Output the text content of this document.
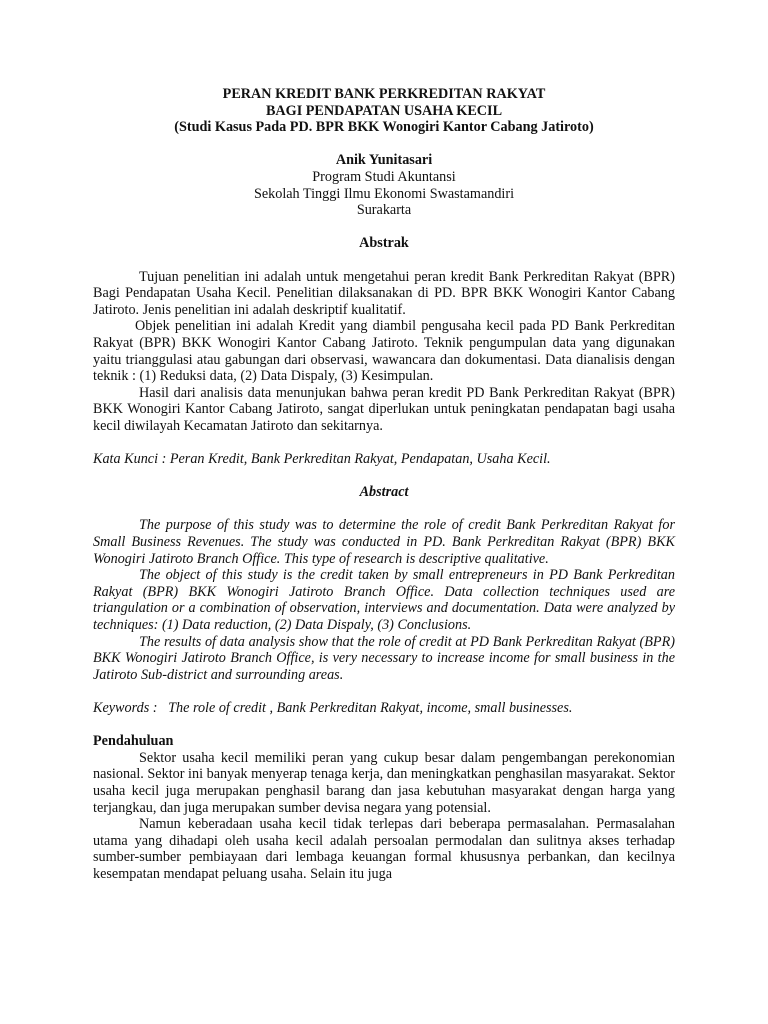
PERAN KREDIT BANK PERKREDITAN RAKYAT
BAGI PENDAPATAN USAHA KECIL
(Studi Kasus Pada PD. BPR BKK Wonogiri Kantor Cabang Jatiroto)
Anik Yunitasari
Program Studi Akuntansi
Sekolah Tinggi Ilmu Ekonomi Swastamandiri
Surakarta
Abstrak

Tujuan penelitian ini adalah untuk mengetahui peran kredit Bank Perkreditan Rakyat (BPR) Bagi Pendapatan Usaha Kecil. Penelitian dilaksanakan di PD. BPR BKK Wonogiri Kantor Cabang Jatiroto. Jenis penelitian ini adalah deskriptif kualitatif.

Objek penelitian ini adalah Kredit yang diambil pengusaha kecil pada PD Bank Perkreditan Rakyat (BPR) BKK Wonogiri Kantor Cabang Jatiroto. Teknik pengumpulan data yang digunakan yaitu trianggulasi atau gabungan dari observasi, wawancara dan dokumentasi. Data dianalisis dengan teknik : (1) Reduksi data, (2) Data Dispaly, (3) Kesimpulan.

Hasil dari analisis data menunjukan bahwa peran kredit PD Bank Perkreditan Rakyat (BPR) BKK Wonogiri Kantor Cabang Jatiroto, sangat diperlukan untuk peningkatan pendapatan bagi usaha kecil diwilayah Kecamatan Jatiroto dan sekitarnya.

Kata Kunci : Peran Kredit, Bank Perkreditan Rakyat, Pendapatan, Usaha Kecil.

Abstract

The purpose of this study was to determine the role of credit Bank Perkreditan Rakyat for Small Business Revenues. The study was conducted in PD. Bank Perkreditan Rakyat (BPR) BKK Wonogiri Jatiroto Branch Office. This type of research is descriptive qualitative.

The object of this study is the credit taken by small entrepreneurs in PD Bank Perkreditan Rakyat (BPR) BKK Wonogiri Jatiroto Branch Office. Data collection techniques used are triangulation or a combination of observation, interviews and documentation. Data were analyzed by techniques: (1) Data reduction, (2) Data Dispaly, (3) Conclusions.

The results of data analysis show that the role of credit at PD Bank Perkreditan Rakyat (BPR) BKK Wonogiri Jatiroto Branch Office, is very necessary to increase income for small business in the Jatiroto Sub-district and surrounding areas.

Keywords :   The role of credit , Bank Perkreditan Rakyat, income, small businesses.

Pendahuluan

Sektor usaha kecil memiliki peran yang cukup besar dalam pengembangan perekonomian nasional. Sektor ini banyak menyerap tenaga kerja, dan meningkatkan penghasilan masyarakat. Sektor usaha kecil juga merupakan penghasil barang dan jasa kebutuhan masyarakat dengan harga yang terjangkau, dan juga merupakan sumber devisa negara yang potensial.

Namun keberadaan usaha kecil tidak terlepas dari beberapa permasalahan. Permasalahan utama yang dihadapi oleh usaha kecil adalah persoalan permodalan dan sulitnya akses terhadap sumber-sumber pembiayaan dari lembaga keuangan formal khususnya perbankan, dan kecilnya kesempatan mendapat peluang usaha. Selain itu juga
